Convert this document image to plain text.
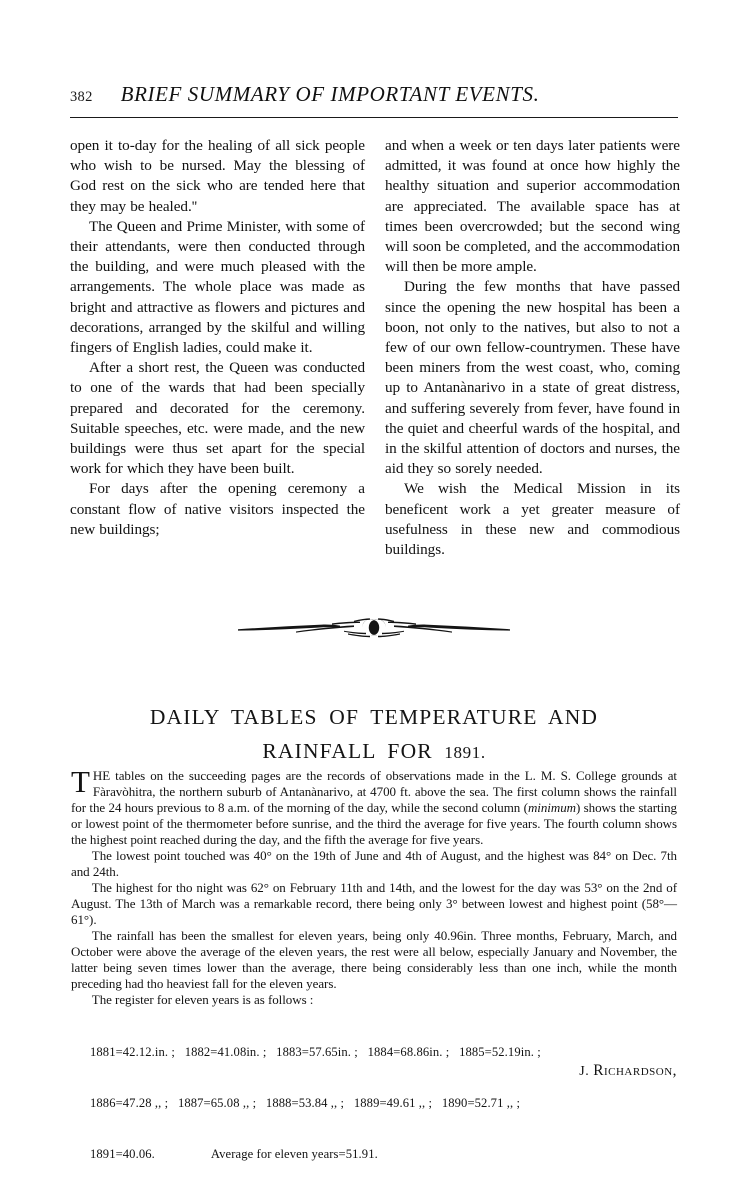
382	BRIEF SUMMARY OF IMPORTANT EVENTS.

open it to-day for the healing of all sick people who wish to be nursed. May the blessing of God rest on the sick who are tended here that they may be healed.''

The Queen and Prime Minister, with some of their attendants, were then conducted through the building, and were much pleased with the arrangements. The whole place was made as bright and attractive as flowers and pictures and decorations, arranged by the skilful and willing fingers of English ladies, could make it.

After a short rest, the Queen was conducted to one of the wards that had been specially prepared and decorated for the ceremony. Suitable speeches, etc. were made, and the new buildings were thus set apart for the special work for which they have been built.

For days after the opening ceremony a constant flow of native visitors inspected the new buildings;

and when a week or ten days later patients were admitted, it was found at once how highly the healthy situation and superior accommodation are appreciated. The available space has at times been overcrowded; but the second wing will soon be completed, and the accommodation will then be more ample.

During the few months that have passed since the opening the new hospital has been a boon, not only to the natives, but also to not a few of our own fellow-countrymen. These have been miners from the west coast, who, coming up to Antanànarivo in a state of great distress, and suffering severely from fever, have found in the quiet and cheerful wards of the hospital, and in the skilful attention of doctors and nurses, the aid they so sorely needed.

We wish the Medical Mission in its beneficent work a yet greater measure of usefulness in these new and commodious buildings.

DAILY TABLES OF TEMPERATURE AND
RAINFALL FOR 1891.

THE tables on the succeeding pages are the records of observations made in the L. M. S. College grounds at Fàravòhitra, the northern suburb of Antanànarivo, at 4700 ft. above the sea. The first column shows the rainfall for the 24 hours previous to 8 a.m. of the morning of the day, while the second column (minimum) shows the starting or lowest point of the thermometer before sunrise, and the third the average for five years. The fourth column shows the highest point reached during the day, and the fifth the average for five years.

The lowest point touched was 40° on the 19th of June and 4th of August, and the highest was 84° on Dec. 7th and 24th.

The highest for tho night was 62° on February 11th and 14th, and the lowest for the day was 53° on the 2nd of August. The 13th of March was a remarkable record, there being only 3° between lowest and highest point (58°—61°).

The rainfall has been the smallest for eleven years, being only 40.96in. Three months, February, March, and October were above the average of the eleven years, the rest were all below, especially January and November, the latter being seven times lower than the average, there being considerably less than one inch, while the month preceding had tho heaviest fall for the eleven years.

The register for eleven years is as follows :

1881=42.12.in. ;   1882=41.08in. ;   1883=57.65in. ;   1884=68.86in. ;   1885=52.19in. ;

1886=47.28 ,, ;   1887=65.08 ,, ;   1888=53.84 ,, ;   1889=49.61 ,, ;   1890=52.71 ,, ;

1891=40.06.	Average for eleven years=51.91.

J. Richardson,
